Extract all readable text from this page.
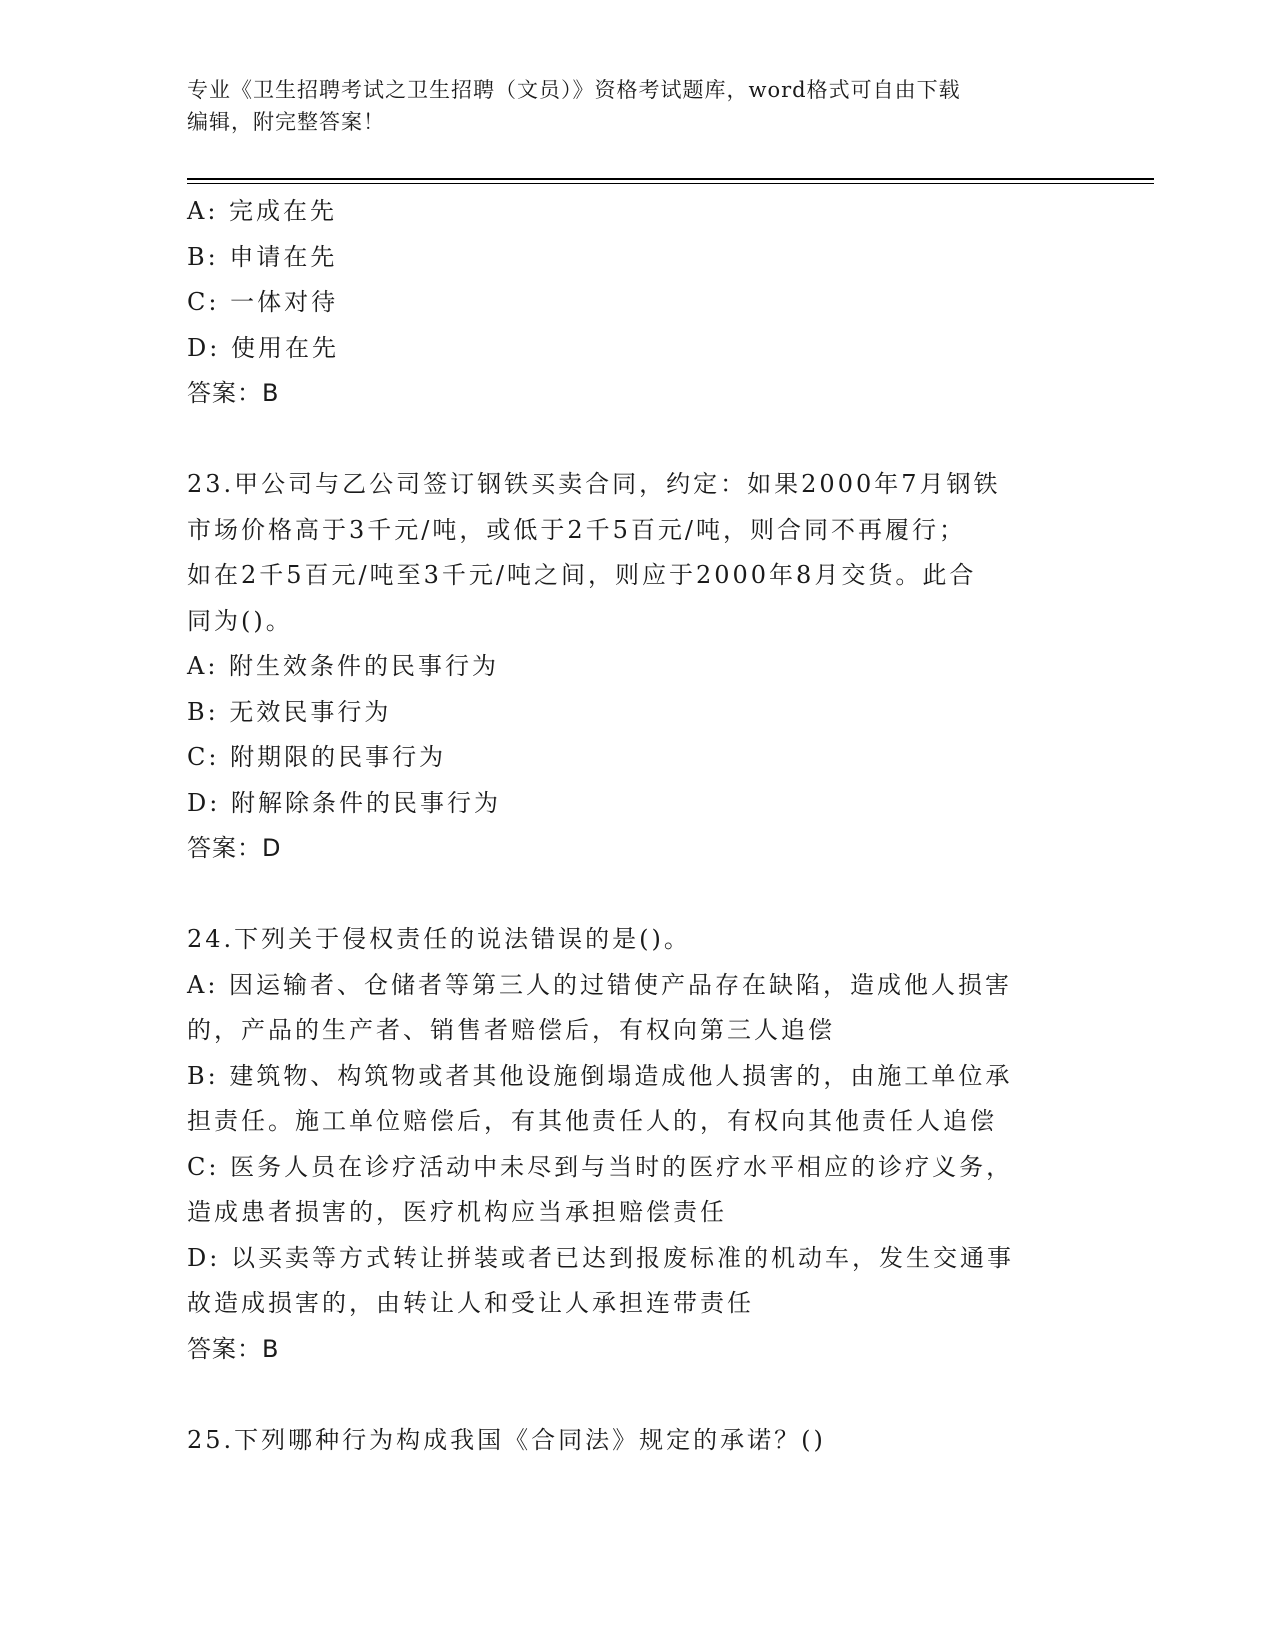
专业《卫生招聘考试之卫生招聘（文员）》资格考试题库，word格式可自由下载
编辑，附完整答案！
A: 完成在先
B: 申请在先
C: 一体对待
D: 使用在先
答案：B
23.甲公司与乙公司签订钢铁买卖合同，约定：如果2000年7月钢铁
市场价格高于3千元/吨，或低于2千5百元/吨，则合同不再履行；
如在2千5百元/吨至3千元/吨之间，则应于2000年8月交货。此合
同为()。
A: 附生效条件的民事行为
B: 无效民事行为
C: 附期限的民事行为
D: 附解除条件的民事行为
答案：D
24.下列关于侵权责任的说法错误的是()。
A: 因运输者、仓储者等第三人的过错使产品存在缺陷，造成他人损害
的，产品的生产者、销售者赔偿后，有权向第三人追偿
B: 建筑物、构筑物或者其他设施倒塌造成他人损害的，由施工单位承
担责任。施工单位赔偿后，有其他责任人的，有权向其他责任人追偿
C: 医务人员在诊疗活动中未尽到与当时的医疗水平相应的诊疗义务，
造成患者损害的，医疗机构应当承担赔偿责任
D: 以买卖等方式转让拼装或者已达到报废标准的机动车，发生交通事
故造成损害的，由转让人和受让人承担连带责任
答案：B
25.下列哪种行为构成我国《合同法》规定的承诺？()
